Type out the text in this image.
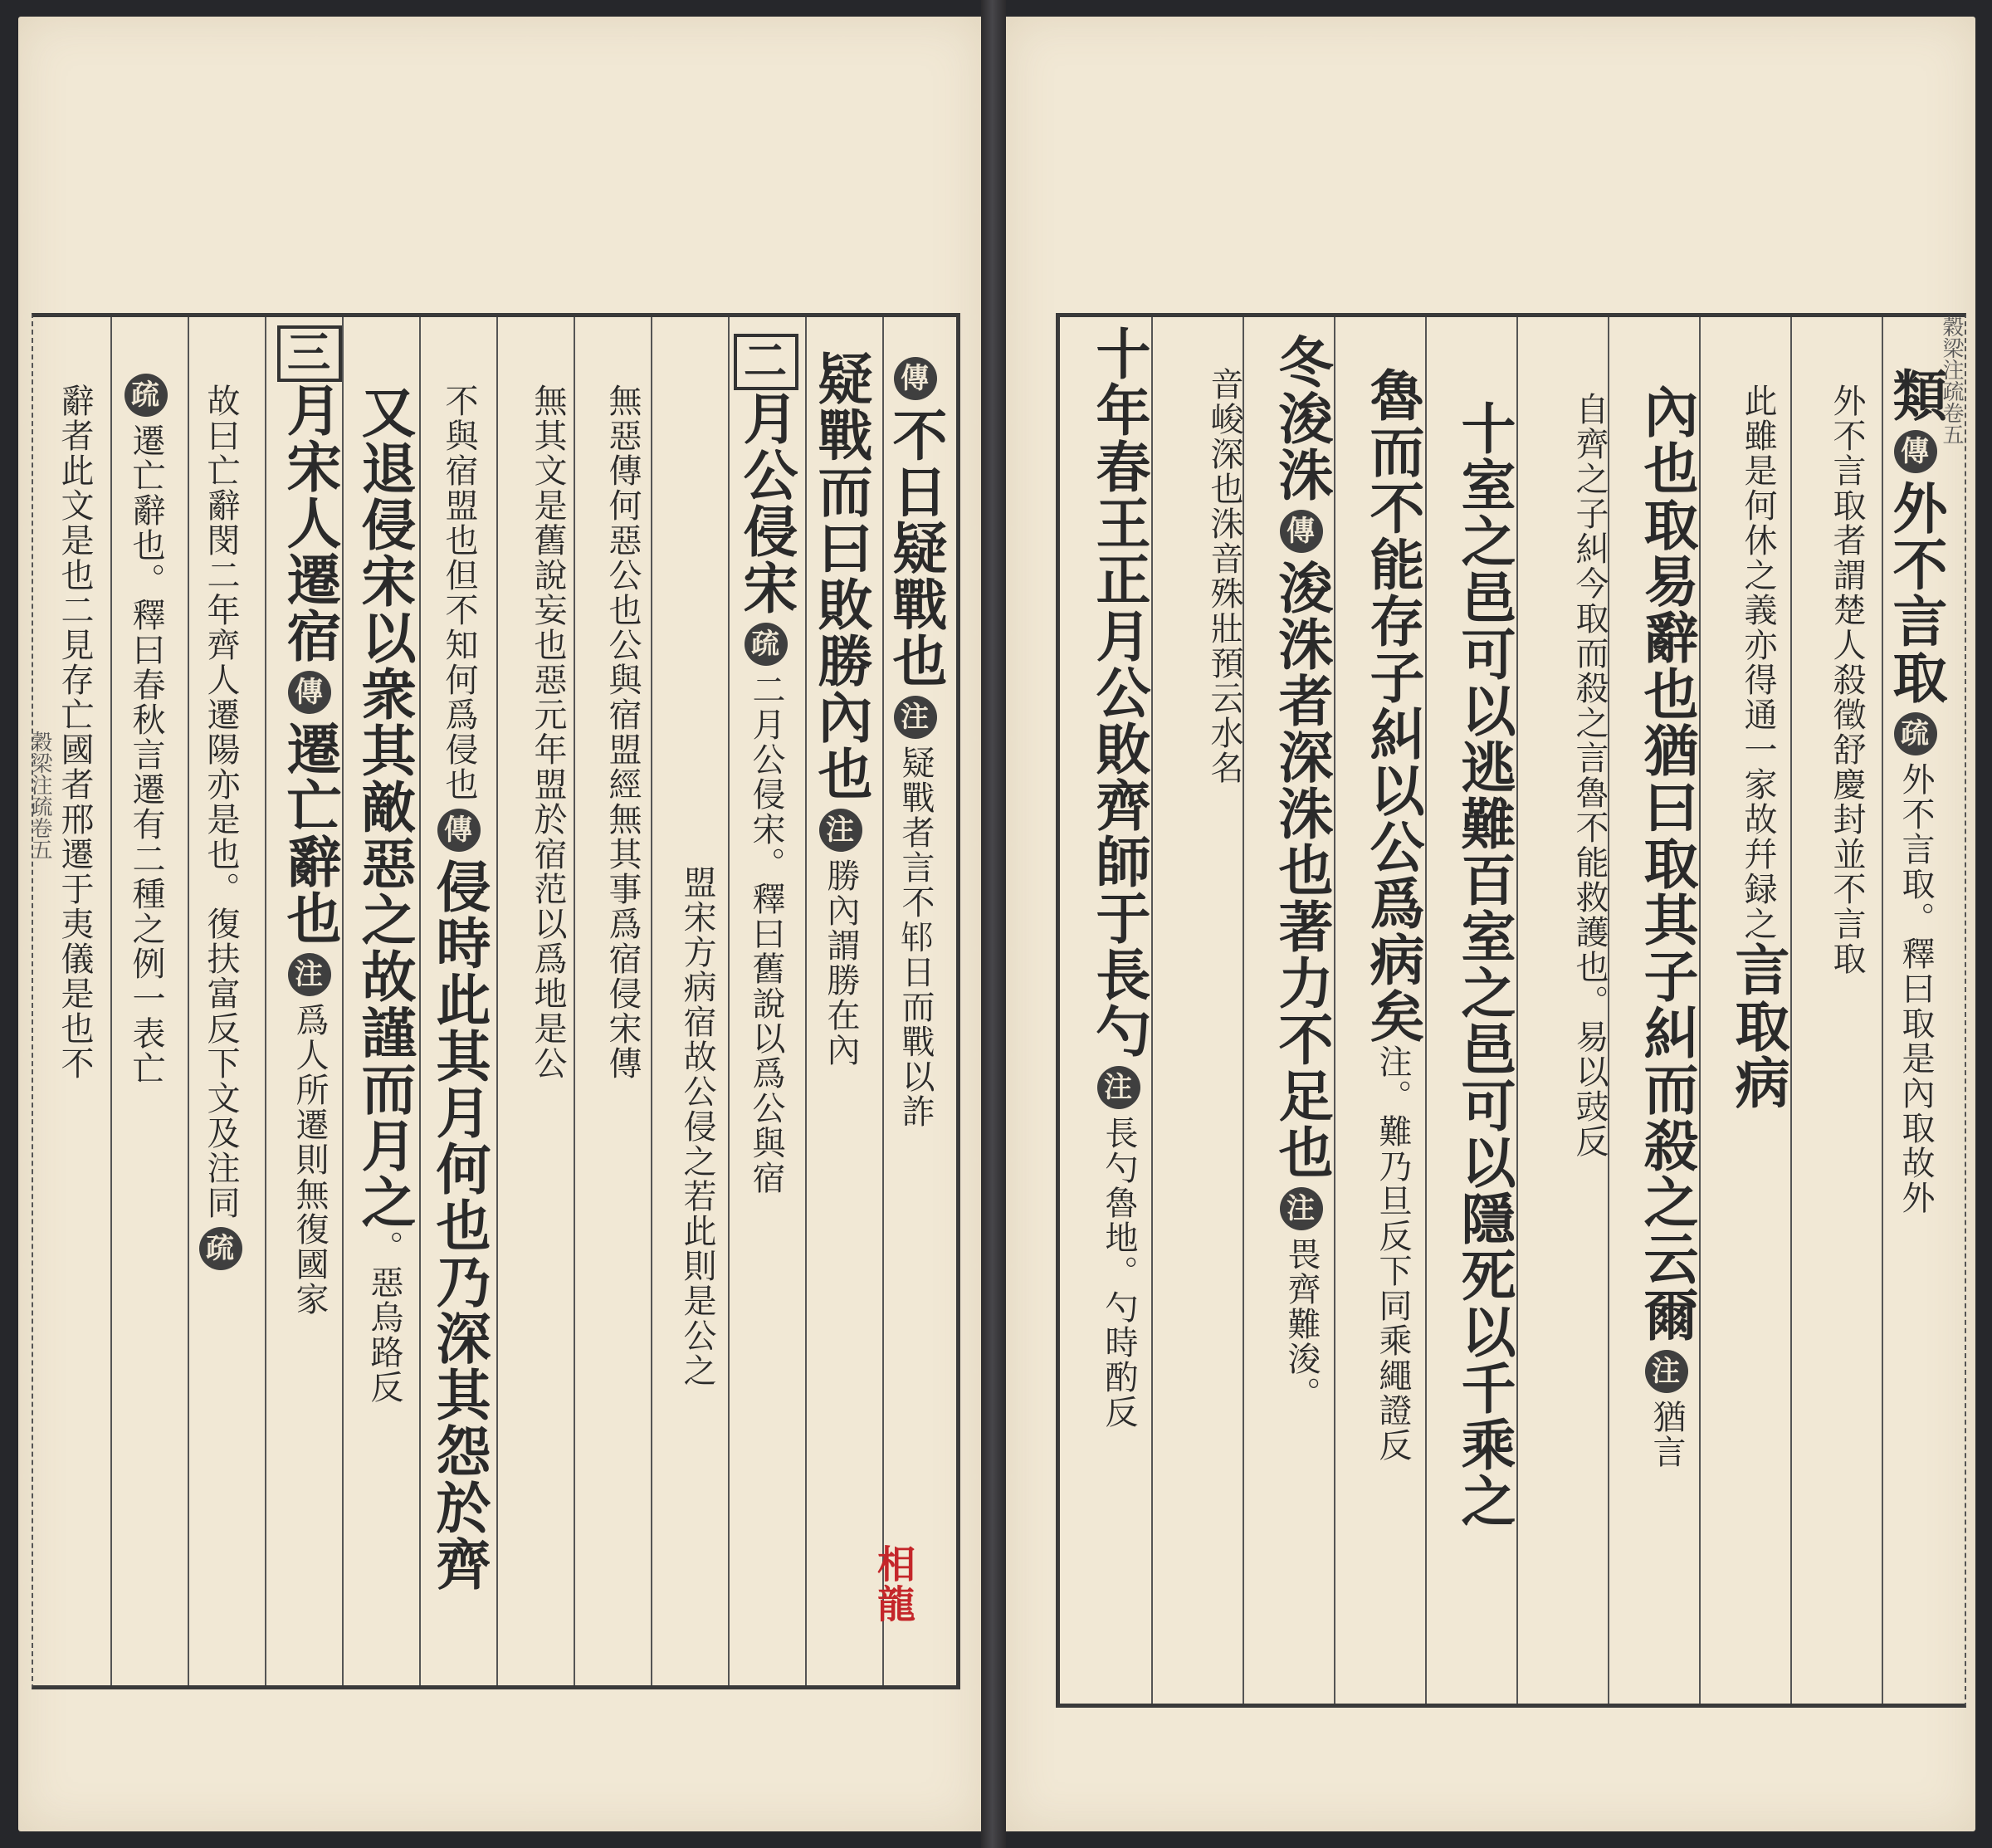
傳不日疑戰也注疑戰者言不𨚶日而戰以詐
疑戰而曰敗勝內也注勝內謂勝在內
二月公侵宋疏二月公侵宋。釋曰舊說以爲公與宿
盟宋方病宿故公侵之若此則是公之
無惡傳何惡公也公與宿盟經無其事爲宿侵宋傳
無其文是舊說妄也惡元年盟於宿范以爲地是公
不與宿盟也但不知何爲侵也傳侵時此其月何也乃深其怨於齊
又退侵宋以衆其敵惡之故謹而月之。惡烏路反
三月宋人遷宿傳遷亡辭也注爲人所遷則無復國家
故曰亡辭閔二年齊人遷陽亦是也。復扶富反下文及注同疏
疏遷亡辭也。釋曰春秋言遷有二種之例一表亡
辭者此文是也二見存亡國者邢遷于夷儀是也不
穀梁注疏卷五
相龍
類傳外不言取疏外不言取。釋曰取是內取故外
外不言取者謂楚人殺徵舒慶封並不言取
此雖是何休之義亦得通一家故幷録之言取病
內也取易辭也猶曰取其子糾而殺之云爾注猶言
自齊之子糾今取而殺之言魯不能救護也。易以豉反
十室之邑可以逃難百室之邑可以隱死以千乘之
魯而不能存子糾以公爲病矣注。難乃旦反下同乘繩證反
冬浚洙傳浚洙者深洙也著力不足也注畏齊難浚。
音峻深也洙音殊壯預云水名
十年春王正月公敗齊師于長勺注長勺魯地。勺時酌反
穀梁注疏卷五
